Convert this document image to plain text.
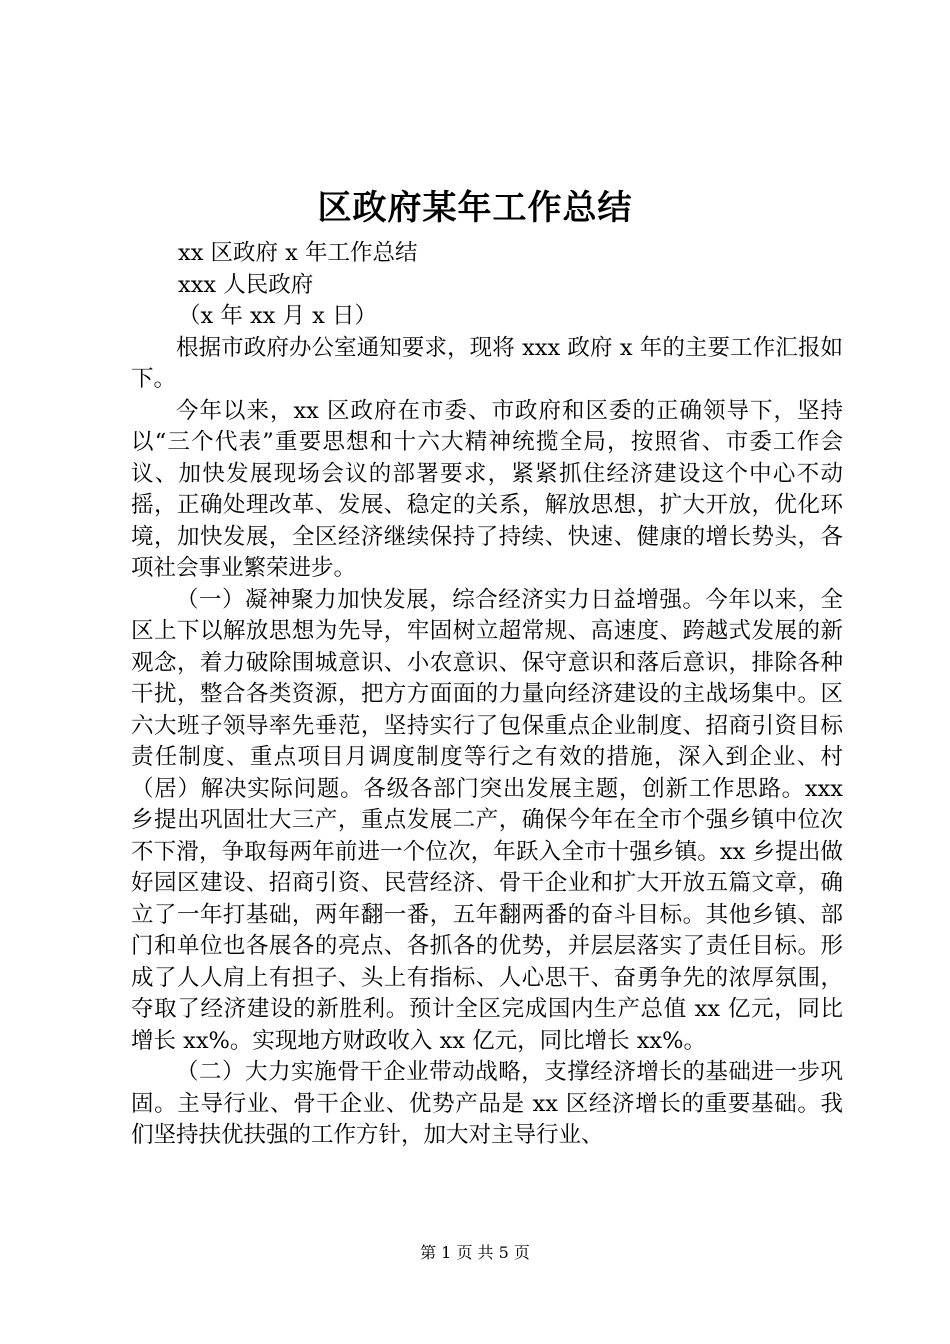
区政府某年工作总结

xx 区政府 x 年工作总结

xxx 人民政府

（x 年 xx 月 x 日）

根据市政府办公室通知要求，现将 xxx 政府 x 年的主要工作汇报如下。

今年以来，xx 区政府在市委、市政府和区委的正确领导下，坚持以“三个代表”重要思想和十六大精神统揽全局，按照省、市委工作会议、加快发展现场会议的部署要求，紧紧抓住经济建设这个中心不动摇，正确处理改革、发展、稳定的关系，解放思想，扩大开放，优化环境，加快发展，全区经济继续保持了持续、快速、健康的增长势头，各项社会事业繁荣进步。

（一）凝神聚力加快发展，综合经济实力日益增强。今年以来，全区上下以解放思想为先导，牢固树立超常规、高速度、跨越式发展的新观念，着力破除围城意识、小农意识、保守意识和落后意识，排除各种干扰，整合各类资源，把方方面面的力量向经济建设的主战场集中。区六大班子领导率先垂范，坚持实行了包保重点企业制度、招商引资目标责任制度、重点项目月调度制度等行之有效的措施，深入到企业、村（居）解决实际问题。各级各部门突出发展主题，创新工作思路。xxx 乡提出巩固壮大三产，重点发展二产，确保今年在全市个强乡镇中位次不下滑，争取每两年前进一个位次，年跃入全市十强乡镇。xx 乡提出做好园区建设、招商引资、民营经济、骨干企业和扩大开放五篇文章，确立了一年打基础，两年翻一番，五年翻两番的奋斗目标。其他乡镇、部门和单位也各展各的亮点、各抓各的优势，并层层落实了责任目标。形成了人人肩上有担子、头上有指标、人心思干、奋勇争先的浓厚氛围，夺取了经济建设的新胜利。预计全区完成国内生产总值 xx 亿元，同比增长 xx%。实现地方财政收入 xx 亿元，同比增长 xx%。

（二）大力实施骨干企业带动战略，支撑经济增长的基础进一步巩固。主导行业、骨干企业、优势产品是 xx 区经济增长的重要基础。我们坚持扶优扶强的工作方针，加大对主导行业、

第 1 页 共 5 页
